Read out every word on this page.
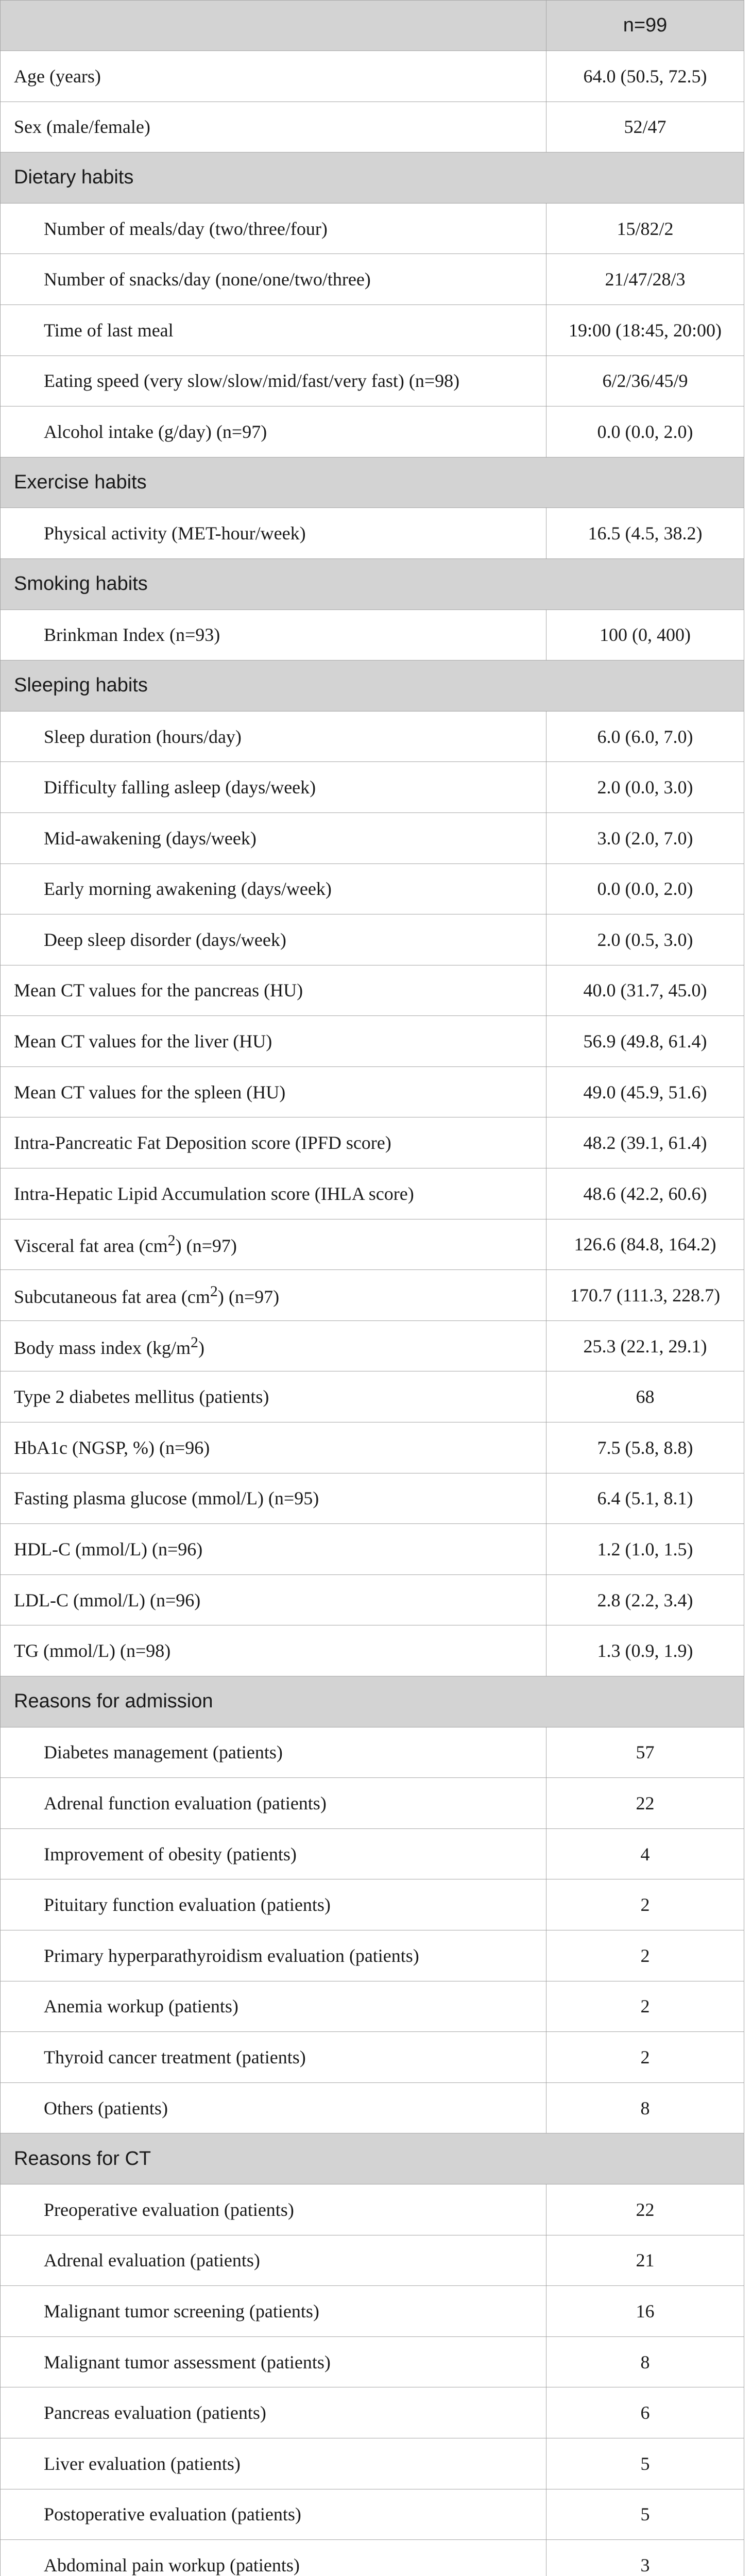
	n=99
Age (years)	64.0 (50.5, 72.5)
Sex (male/female)	52/47
Dietary habits	
Number of meals/day (two/three/four)	15/82/2
Number of snacks/day (none/one/two/three)	21/47/28/3
Time of last meal	19:00 (18:45, 20:00)
Eating speed (very slow/slow/mid/fast/very fast) (n=98)	6/2/36/45/9
Alcohol intake (g/day) (n=97)	0.0 (0.0, 2.0)
Exercise habits	
Physical activity (MET-hour/week)	16.5 (4.5, 38.2)
Smoking habits	
Brinkman Index (n=93)	100 (0, 400)
Sleeping habits	
Sleep duration (hours/day)	6.0 (6.0, 7.0)
Difficulty falling asleep (days/week)	2.0 (0.0, 3.0)
Mid-awakening (days/week)	3.0 (2.0, 7.0)
Early morning awakening (days/week)	0.0 (0.0, 2.0)
Deep sleep disorder (days/week)	2.0 (0.5, 3.0)
Mean CT values for the pancreas (HU)	40.0 (31.7, 45.0)
Mean CT values for the liver (HU)	56.9 (49.8, 61.4)
Mean CT values for the spleen (HU)	49.0 (45.9, 51.6)
Intra-Pancreatic Fat Deposition score (IPFD score)	48.2 (39.1, 61.4)
Intra-Hepatic Lipid Accumulation score (IHLA score)	48.6 (42.2, 60.6)
Visceral fat area $(cm^2)$ (n=97)	126.6 (84.8, 164.2)
Subcutaneous fat area $(cm^2)$ (n=97)	170.7 (111.3, 228.7)
Body mass index $(kg/m^2)$	25.3 (22.1, 29.1)
Type 2 diabetes mellitus (patients)	68
HbA1c (NGSP, %) (n=96)	7.5 (5.8, 8.8)
Fasting plasma glucose (mmol/L) (n=95)	6.4 (5.1, 8.1)
HDL-C (mmol/L) (n=96)	1.2 (1.0, 1.5)
LDL-C (mmol/L) (n=96)	2.8 (2.2, 3.4)
TG (mmol/L) (n=98)	1.3 (0.9, 1.9)
Reasons for admission	
Diabetes management (patients)	57
Adrenal function evaluation (patients)	22
Improvement of obesity (patients)	4
Pituitary function evaluation (patients)	2
Primary hyperparathyroidism evaluation (patients)	2
Anemia workup (patients)	2
Thyroid cancer treatment (patients)	2
Others (patients)	8
Reasons for CT	
Preoperative evaluation (patients)	22
Adrenal evaluation (patients)	21
Malignant tumor screening (patients)	16
Malignant tumor assessment (patients)	8
Pancreas evaluation (patients)	6
Liver evaluation (patients)	5
Postoperative evaluation (patients)	5
Abdominal pain workup (patients)	3
